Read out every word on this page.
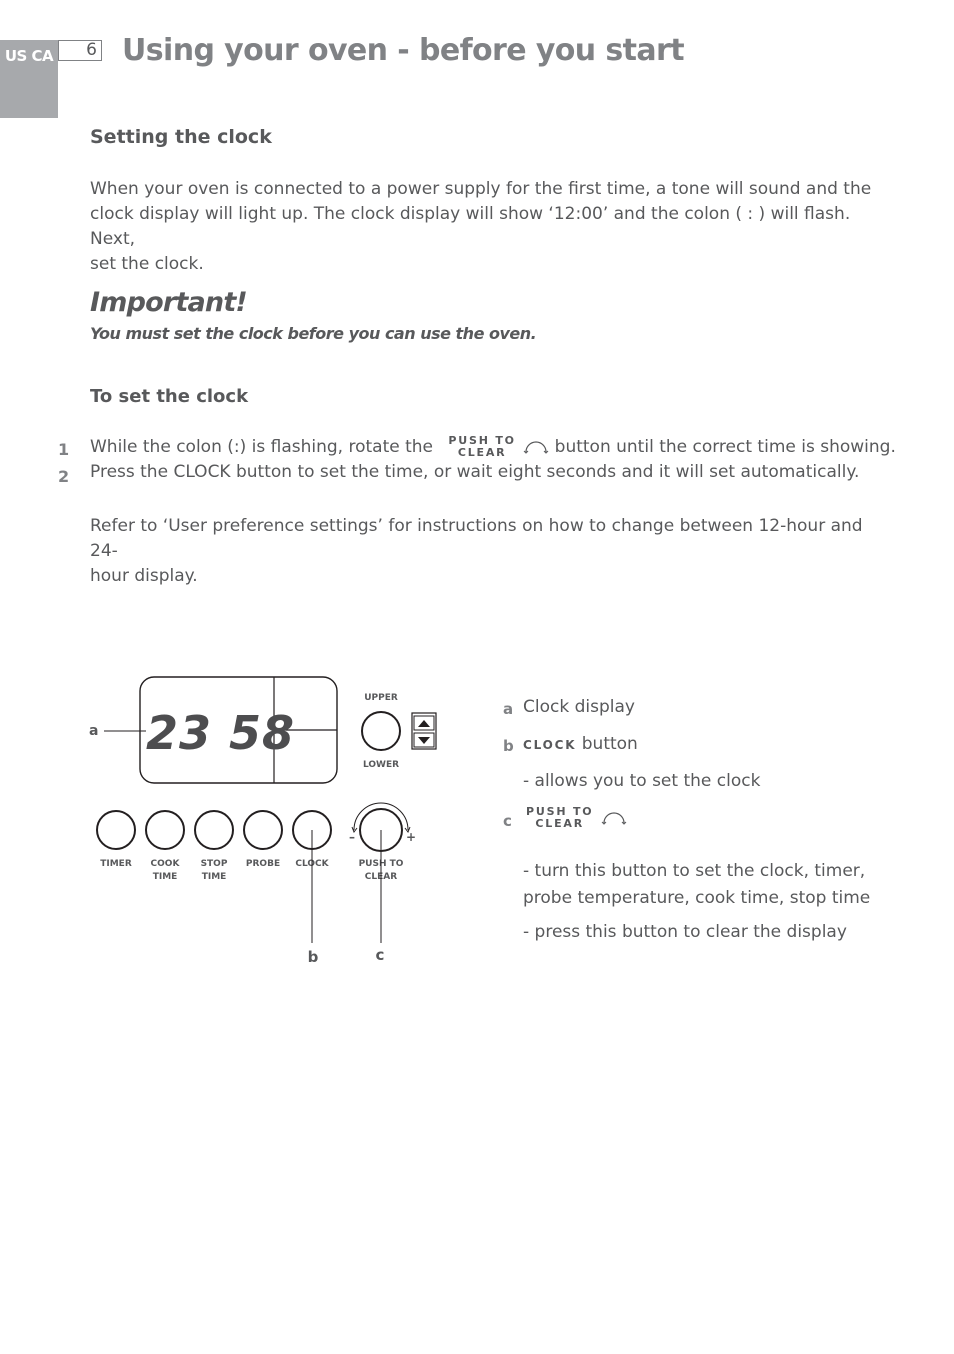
US CA	6 Using your oven - before you start
Setting the clock
When your oven is connected to a power supply for the first time, a tone will sound and the
clock display will light up. The clock display will show ‘12:00’ and the colon ( : ) will flash. Next,
set the clock.
Important!
You must set the clock before you can use the oven.
To set the clock
1 While the colon (:) is flashing, rotate the PUSH TO
CLEAR	button until the correct time is showing.
2 Press the CLOCK button to set the time, or wait eight seconds and it will set automatically.
Refer to ‘User preference settings’ for instructions on how to change between 12-hour and 24-
hour display.
23 58
a
UPPER
LOWER
TIMER COOK
TIME
STOP
TIME
PROBE CLOCK
–	+
PUSH TO
CLEAR
b	c
a Clock display
b CLOCK button
- allows you to set the clock
c
PUSH TO
CLEAR

- turn this button to set the clock, timer,
probe temperature, cook time, stop time
- press this button to clear the display
